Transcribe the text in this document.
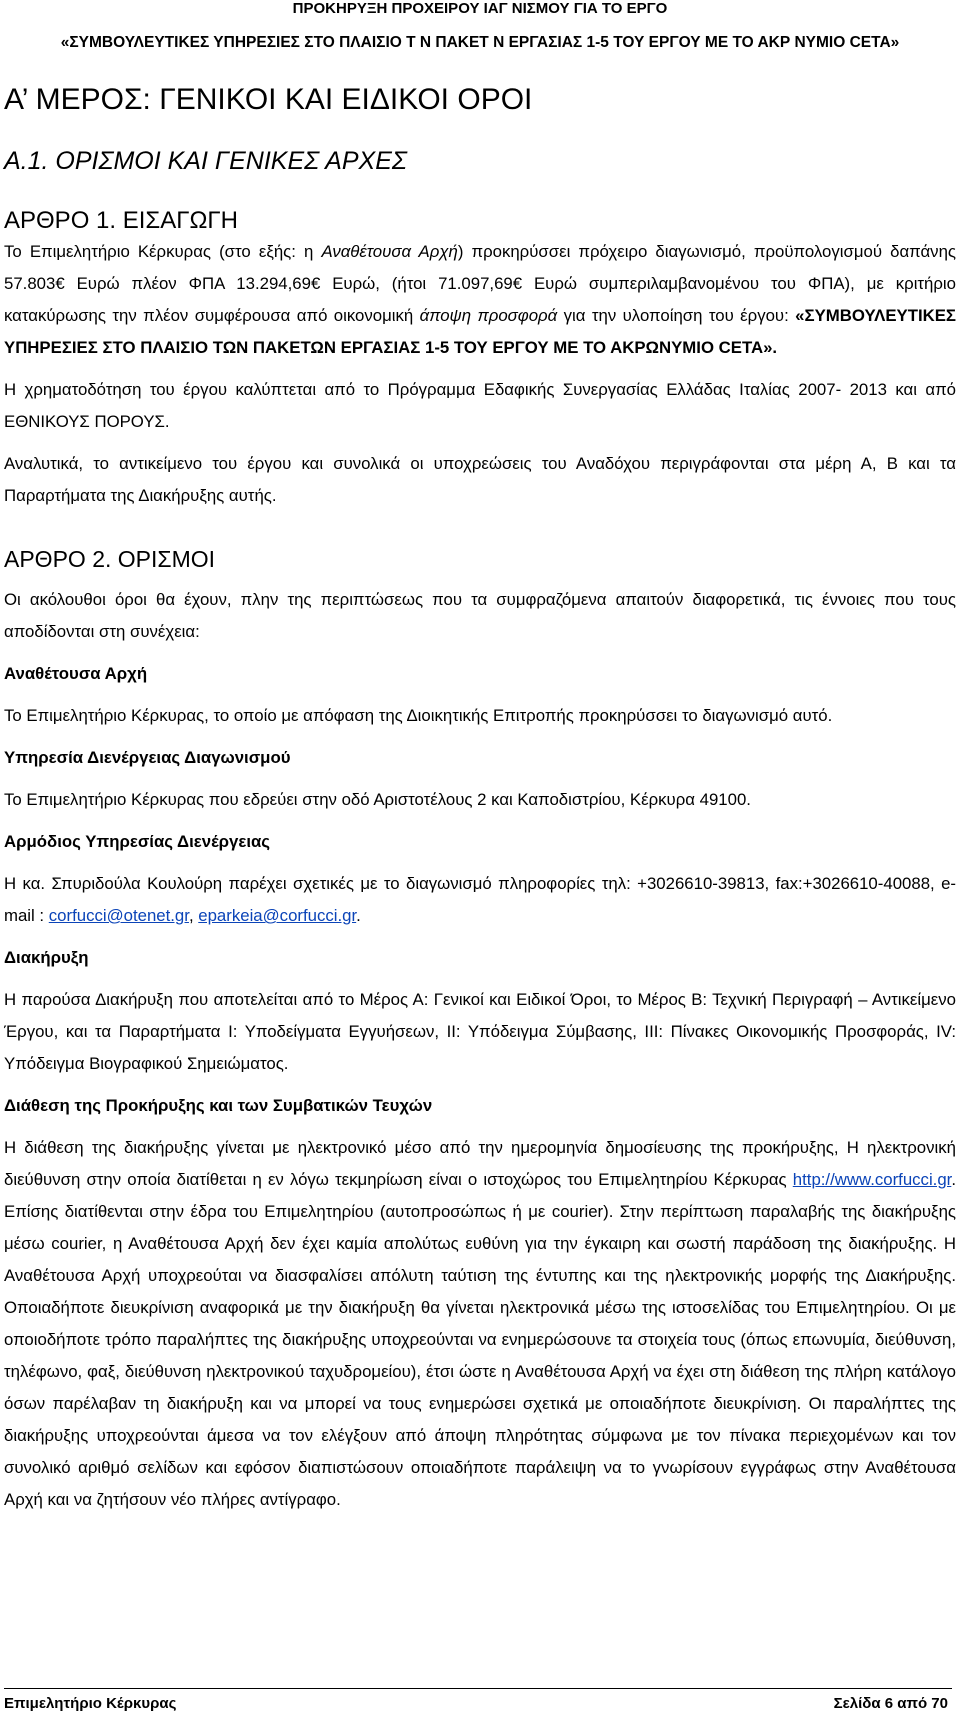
ΠΡΟΚΗΡΥΞΗ ΠΡΟΧΕΙΡΟΥ ΙΑΓ ΝΙΣΜΟΥ ΓΙΑ ΤΟ ΕΡΓΟ
«ΣΥΜΒΟΥΛΕΥΤΙΚΕΣ ΥΠΗΡΕΣΙΕΣ ΣΤΟ ΠΛΑΙΣΙΟ Τ Ν ΠΑΚΕΤ Ν ΕΡΓΑΣΙΑΣ 1-5 ΤΟΥ ΕΡΓΟΥ ΜΕ ΤΟ ΑΚΡ ΝΥΜΙΟ CETA»
Α’ ΜΕΡΟΣ: ΓΕΝΙΚΟΙ ΚΑΙ ΕΙΔΙΚΟΙ ΟΡΟΙ
Α.1. ΟΡΙΣΜΟΙ ΚΑΙ ΓΕΝΙΚΕΣ ΑΡΧΕΣ
ΑΡΘΡΟ 1. ΕΙΣΑΓΩΓΗ

Το Επιμελητήριο Κέρκυρας (στο εξής: η Αναθέτουσα Αρχή) προκηρύσσει πρόχειρο διαγωνισμό, προϋπολογισμού δαπάνης 57.803€ Ευρώ πλέον ΦΠΑ 13.294,69€ Ευρώ, (ήτοι 71.097,69€ Ευρώ συμπεριλαμβανομένου του ΦΠΑ), με κριτήριο κατακύρωσης την πλέον συμφέρουσα από οικονομική άποψη προσφορά για την υλοποίηση του έργου: «ΣΥΜΒΟΥΛΕΥΤΙΚΕΣ ΥΠΗΡΕΣΙΕΣ ΣΤΟ ΠΛΑΙΣΙΟ ΤΩΝ ΠΑΚΕΤΩΝ ΕΡΓΑΣΙΑΣ 1-5 ΤΟΥ ΕΡΓΟΥ ΜΕ ΤΟ ΑΚΡΩΝΥΜΙΟ CETA».

Η χρηματοδότηση του έργου καλύπτεται από το Πρόγραμμα Εδαφικής Συνεργασίας Ελλάδας Ιταλίας 2007- 2013 και από ΕΘΝΙΚΟΥΣ ΠΟΡΟΥΣ.

Αναλυτικά, το αντικείμενο του έργου και συνολικά οι υποχρεώσεις του Αναδόχου περιγράφονται στα μέρη Α, Β και τα Παραρτήματα της Διακήρυξης αυτής.

ΑΡΘΡΟ 2. ΟΡΙΣΜΟΙ

Οι ακόλουθοι όροι θα έχουν, πλην της περιπτώσεως που τα συμφραζόμενα απαιτούν διαφορετικά, τις έννοιες που τους αποδίδονται στη συνέχεια:

Αναθέτουσα Αρχή

Το Επιμελητήριο Κέρκυρας, το οποίο με απόφαση της Διοικητικής Επιτροπής προκηρύσσει το διαγωνισμό αυτό.

Υπηρεσία Διενέργειας Διαγωνισμού

Το Επιμελητήριο Κέρκυρας που εδρεύει στην οδό Αριστοτέλους 2 και Καποδιστρίου, Κέρκυρα 49100.

Αρμόδιος Υπηρεσίας Διενέργειας

Η κα. Σπυριδούλα Κουλούρη παρέχει σχετικές με το διαγωνισμό πληροφορίες τηλ: +3026610-39813, fax:+3026610-40088, e-mail : corfucci@otenet.gr, eparkeia@corfucci.gr.

Διακήρυξη

Η παρούσα Διακήρυξη που αποτελείται από το Μέρος Α: Γενικοί και Ειδικοί Όροι, το Μέρος Β: Τεχνική Περιγραφή – Αντικείμενο Έργου, και τα Παραρτήματα Ι: Υποδείγματα Εγγυήσεων, ΙΙ: Υπόδειγμα Σύμβασης, ΙΙΙ: Πίνακες Οικονομικής Προσφοράς, IV: Υπόδειγμα Βιογραφικού Σημειώματος.

Διάθεση της Προκήρυξης και των Συμβατικών Τευχών

Η διάθεση της διακήρυξης γίνεται με ηλεκτρονικό μέσο από την ημερομηνία δημοσίευσης της προκήρυξης, Η ηλεκτρονική διεύθυνση στην οποία διατίθεται η εν λόγω τεκμηρίωση είναι ο ιστοχώρος του Επιμελητηρίου Κέρκυρας http://www.corfucci.gr. Επίσης διατίθενται στην έδρα του Επιμελητηρίου (αυτοπροσώπως ή με courier). Στην περίπτωση παραλαβής της διακήρυξης μέσω courier, η Αναθέτουσα Αρχή δεν έχει καμία απολύτως ευθύνη για την έγκαιρη και σωστή παράδοση της διακήρυξης. Η Αναθέτουσα Αρχή υποχρεούται να διασφαλίσει απόλυτη ταύτιση της έντυπης και της ηλεκτρονικής μορφής της Διακήρυξης. Οποιαδήποτε διευκρίνιση αναφορικά με την διακήρυξη θα γίνεται ηλεκτρονικά μέσω της ιστοσελίδας του Επιμελητηρίου. Οι με οποιοδήποτε τρόπο παραλήπτες της διακήρυξης υποχρεούνται να ενημερώσουνε τα στοιχεία τους (όπως επωνυμία, διεύθυνση, τηλέφωνο, φαξ, διεύθυνση ηλεκτρονικού ταχυδρομείου), έτσι ώστε η Αναθέτουσα Αρχή να έχει στη διάθεση της πλήρη κατάλογο όσων παρέλαβαν τη διακήρυξη και να μπορεί να τους ενημερώσει σχετικά με οποιαδήποτε διευκρίνιση. Οι παραλήπτες της διακήρυξης υποχρεούνται άμεσα να τον ελέγξουν από άποψη πληρότητας σύμφωνα με τον πίνακα περιεχομένων και τον συνολικό αριθμό σελίδων και εφόσον διαπιστώσουν οποιαδήποτε παράλειψη να το γνωρίσουν εγγράφως στην Αναθέτουσα Αρχή και να ζητήσουν νέο πλήρες αντίγραφο.

Επιμελητήριο Κέρκυρας	Σελίδα 6 από 70
